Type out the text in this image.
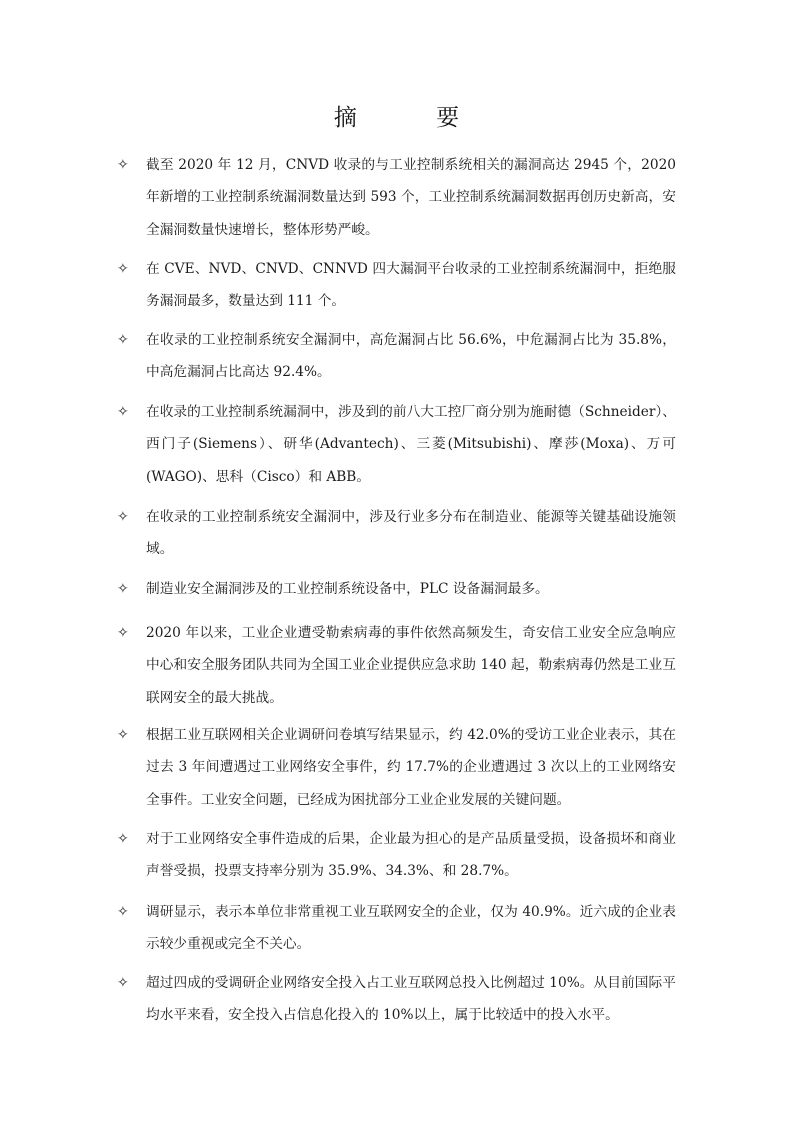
摘 要
✧ 截至 2020 年 12 月，CNVD 收录的与工业控制系统相关的漏洞高达 2945 个，2020 年新增的工业控制系统漏洞数量达到 593 个，工业控制系统漏洞数据再创历史新高，安全漏洞数量快速增长，整体形势严峻。
✧ 在 CVE、NVD、CNVD、CNNVD 四大漏洞平台收录的工业控制系统漏洞中，拒绝服务漏洞最多，数量达到 111 个。
✧ 在收录的工业控制系统安全漏洞中，高危漏洞占比 56.6%，中危漏洞占比为 35.8%，中高危漏洞占比高达 92.4%。
✧ 在收录的工业控制系统漏洞中，涉及到的前八大工控厂商分别为施耐德（Schneider）、西门子(Siemens）、研华(Advantech)、三菱(Mitsubishi)、摩莎(Moxa)、万可(WAGO)、思科（Cisco）和 ABB。
✧ 在收录的工业控制系统安全漏洞中，涉及行业多分布在制造业、能源等关键基础设施领域。
✧ 制造业安全漏洞涉及的工业控制系统设备中，PLC 设备漏洞最多。
✧ 2020 年以来，工业企业遭受勒索病毒的事件依然高频发生，奇安信工业安全应急响应中心和安全服务团队共同为全国工业企业提供应急求助 140 起，勒索病毒仍然是工业互联网安全的最大挑战。
✧ 根据工业互联网相关企业调研问卷填写结果显示，约 42.0%的受访工业企业表示，其在过去 3 年间遭遇过工业网络安全事件，约 17.7%的企业遭遇过 3 次以上的工业网络安全事件。工业安全问题，已经成为困扰部分工业企业发展的关键问题。
✧ 对于工业网络安全事件造成的后果，企业最为担心的是产品质量受损，设备损坏和商业声誉受损，投票支持率分别为 35.9%、34.3%、和 28.7%。
✧ 调研显示，表示本单位非常重视工业互联网安全的企业，仅为 40.9%。近六成的企业表示较少重视或完全不关心。
✧ 超过四成的受调研企业网络安全投入占工业互联网总投入比例超过 10%。从目前国际平均水平来看，安全投入占信息化投入的 10%以上，属于比较适中的投入水平。
